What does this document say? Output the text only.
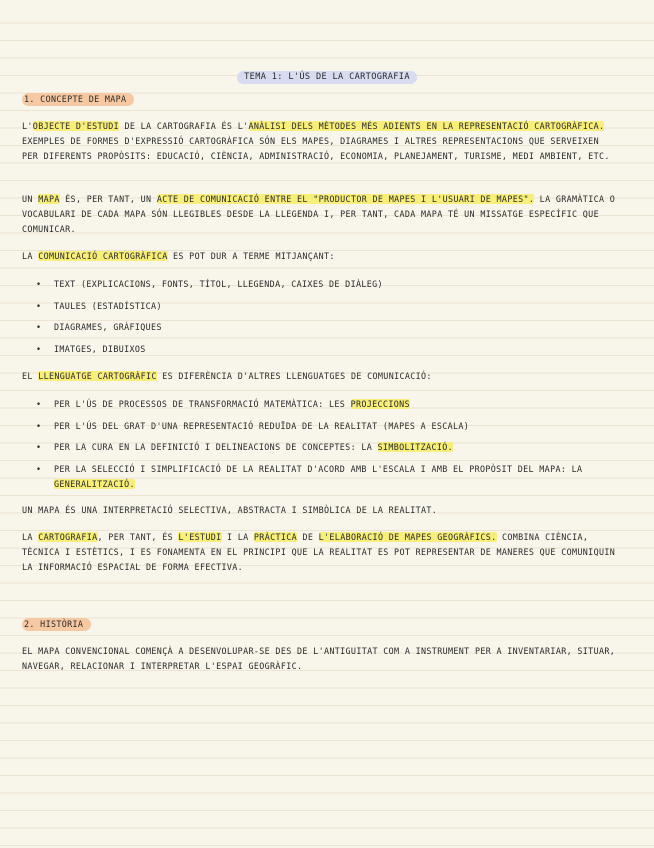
TEMA 1: L'ÚS DE LA CARTOGRAFIA
1. CONCEPTE DE MAPA

L'OBJECTE D'ESTUDI DE LA CARTOGRAFIA ÉS L'ANÀLISI DELS MÈTODES MÉS ADIENTS EN LA REPRESENTACIÓ CARTOGRÀFICA. EXEMPLES DE FORMES D'EXPRESSIÓ CARTOGRÀFICA SÓN ELS MAPES, DIAGRAMES I ALTRES REPRESENTACIONS QUE SERVEIXEN PER DIFERENTS PROPÒSITS: EDUCACIÓ, CIÈNCIA, ADMINISTRACIÓ, ECONOMIA, PLANEJAMENT, TURISME, MEDI AMBIENT, ETC.

UN MAPA ÉS, PER TANT, UN ACTE DE COMUNICACIÓ ENTRE EL "PRODUCTOR DE MAPES I L'USUARI DE MAPES". LA GRAMÀTICA O VOCABULARI DE CADA MAPA SÓN LLEGIBLES DESDE LA LLEGENDA I, PER TANT, CADA MAPA TÉ UN MISSATGE ESPECÍFIC QUE COMUNICAR.

LA COMUNICACIÓ CARTOGRÀFICA ES POT DUR A TERME MITJANÇANT:

• TEXT (EXPLICACIONS, FONTS, TÍTOL, LLEGENDA, CAIXES DE DIÀLEG)
• TAULES (ESTADÍSTICA)
• DIAGRAMES, GRÀFIQUES
• IMATGES, DIBUIXOS

EL LLENGUATGE CARTOGRÀFIC ES DIFERÈNCIA D'ALTRES LLENGUATGES DE COMUNICACIÓ:

• PER L'ÚS DE PROCESSOS DE TRANSFORMACIÓ MATEMÀTICA: LES PROJECCIONS
• PER L'ÚS DEL GRAT D'UNA REPRESENTACIÓ REDUÏDA DE LA REALITAT (MAPES A ESCALA)
• PER LA CURA EN LA DEFINICIÓ I DELINEACIONS DE CONCEPTES: LA SIMBOLITZACIÓ.
• PER LA SELECCIÓ I SIMPLIFICACIÓ DE LA REALITAT D'ACORD AMB L'ESCALA I AMB EL PROPÒSIT DEL MAPA: LA GENERALITZACIÓ.

UN MAPA ÉS UNA INTERPRETACIÓ SELECTIVA, ABSTRACTA I SIMBÒLICA DE LA REALITAT.

LA CARTOGRAFIA, PER TANT, ÉS L'ESTUDI I LA PRÀCTICA DE L'ELABORACIÓ DE MAPES GEOGRÀFICS. COMBINA CIÈNCIA, TÈCNICA I ESTÈTICS, I ES FONAMENTA EN EL PRINCIPI QUE LA REALITAT ES POT REPRESENTAR DE MANERES QUE COMUNIQUIN LA INFORMACIÓ ESPACIAL DE FORMA EFECTIVA.

2. HISTÒRIA

EL MAPA CONVENCIONAL COMENÇÀ A DESENVOLUPAR-SE DES DE L'ANTIGUITAT COM A INSTRUMENT PER A INVENTARIAR, SITUAR, NAVEGAR, RELACIONAR I INTERPRETAR L'ESPAI GEOGRÀFIC.
